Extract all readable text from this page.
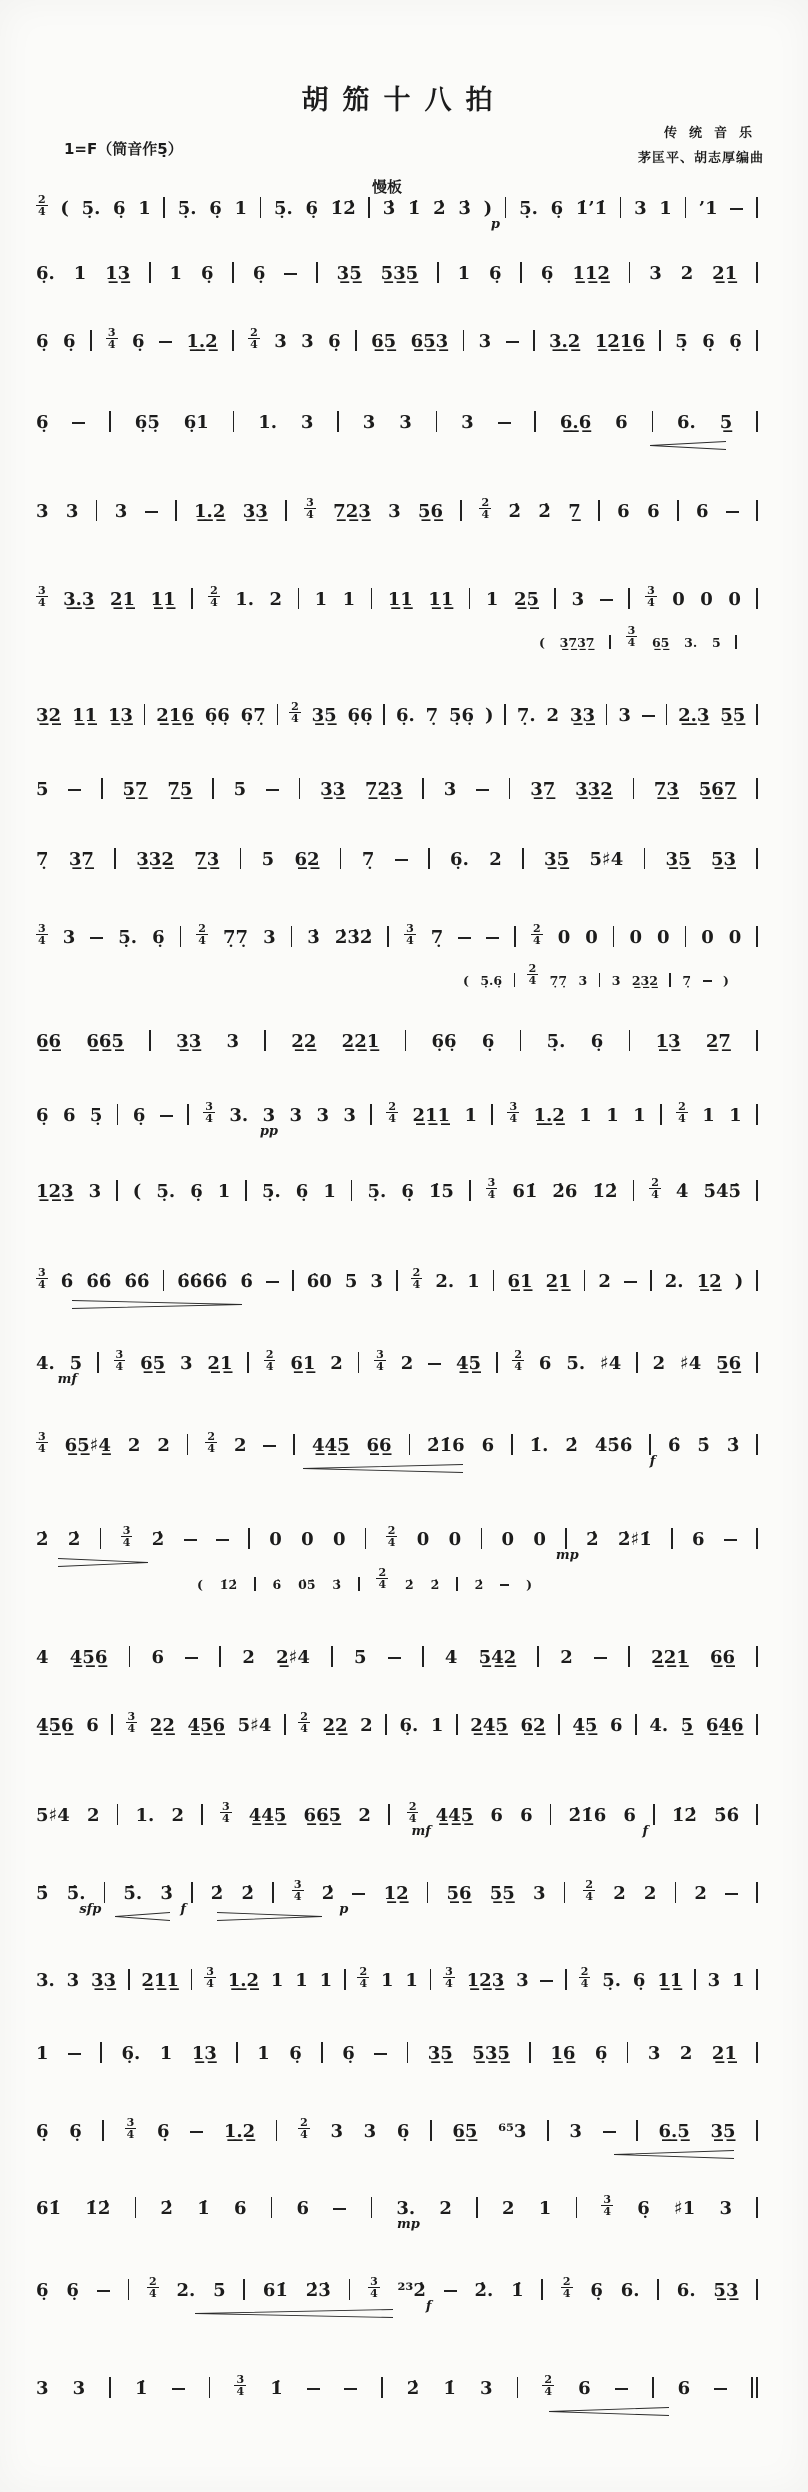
胡笳十八拍
1=F（筒音作5̣）
传统音乐
茅匡平、胡志厚编曲
慢板
$\frac{2}{4}$ ( 5̣. 6̣ 1 5̣. 6̣ 1 5̣. 6̣ 1̇2̇ 3̇ 1̇ 2̇ 3̇ ) 5̣. 6̣ 1̇’1̇ 3 1 ’1
p
6̣. 1 1̲3̲ 1 6̣ 6̣	3̲5̲ 5̲3̲5̲ 1 6̣ 6̣ 1̲1̲2̲ 3 2 2̲1̲
6̣ 6̣	$\frac{3}{4}$ 6̣ 1̲.̲2̲	$\frac{2}{4} 3$ 3 6̣ 6̲5̲ 6̲5̲3̲ 3	3̲.̲2̲ 1̲2̲1̲6̲ 5̣ 6̣ 6̣
6̣	6̣5̣ 6̣1	1. 3	3 3	3	6̲.̲6̲ 6	6. 5̲
3 3 3	1̲.̲2̲ 3̲3̲	$\frac{3}{4}$ 7̲2̲3̲ 3 5̲6̲	$\frac{2}{4}$ 2̇ 2̇ 7̲ 6 6 6
$\frac{3}{4}$ 3̲.̲3̲ 2̲1̲ 1̲1̲	$\frac{2}{4} 1$. 2 1 1 1̲1̲ 1̲1̲ 1 2̲5̲ 3	$\frac{3}{4} 0$ 0 0
( 3̲7̲3̲7̲	$\frac{3}{4}$ 6̲5̲ 3. 5
3̲2̲ 1̲1̲ 1̲3̲ 2̲1̲6̲ 6̣6̣ 6̣7̣ $\frac{2}{4}$ 3̲5̲ 6̣6̣ 6̣. 7̣ 5̣6̣ ) 7̣. 2 3̲3̲ 3	2̲.̲3̲ 5̲5̲
5	5̲7̲ 7̲5̲ 5	3̲3̲ 7̲2̲3̲ 3	3̲7̲ 3̲3̲2̲ 7̲3̲ 5̲6̲7̲
7̣ 3̲7̲ 3̲3̲2̲ 7̲3̲ 5 6̲2̲ 7̣	6̣. 2 3̲5̲ 5♯4 3̲5̲ 5̲3̲
$\frac{3}{4} 3$ 5̣. 6̣	$\frac{2}{4}$ 7̣7̣ 3 3̇ 2̇3̇2̇	$\frac{3}{4}$ 7̣	$\frac{2}{4} 0$ 0 0 0 0 0
( 5̣.6̣ $\frac{2}{4}$ 7̣7̣ 3 3 2̲3̲2̲ 7̣	)
6̲6̲ 6̲6̲5̲	3̲3̲ 3	2̲2̲ 2̲2̲1̲	6̣6̣ 6̣	5̣. 6̣	1̲3̲ 2̲7̲
6̣ 6 5̣ 6̣	$\frac{3}{4} 3$. 3 3 3 3	$\frac{2}{4}$ 2̲1̲1̲ 1	$\frac{3}{4}$ 1̲.̲2̲ 1 1 1	$\frac{2}{4} 1$ 1
pp
1̲2̲3̲ 3 ( 5̣. 6̣ 1 5̣. 6̣ 1 5̣. 6̣ 1̇5	$\frac{3}{4}$ 61̇ 2̇6 1̇2̇	$\frac{2}{4}$ 4̇ 5̇4̇5̇
$\frac{3}{4}$ 6̇ 6̇6̇ 6̇6̇ 6̇6̇6̇6̇ 6̇	6̇0 5 3	$\frac{2}{4} 2$. 1 6̲1̲ 2̲1̲ 2	2. 1̲2̲ )
4. 5	$\frac{3}{4}$ 6̲5̲ 3 2̲1̲	$\frac{2}{4}$ 6̲1̲ 2	$\frac{3}{4} 2$ 4̲5̲	$\frac{2}{4} 6$ 5. ♯4 2 ♯4 5̲6̲
mf
$\frac{3}{4}$ 6̲5̲♯4̲ 2 2	$\frac{2}{4} 2$	4̲4̲5̲ 6̲6̲ 2̇1̇6 6 1̇. 2̇ 4̇5̇6̇ 6̇ 5̇ 3̇
f
2̇ 2̇	$\frac{3}{4}$ 2̇	0 0 0	$\frac{2}{4} 0$ 0 0 0 2̇ 2̇♯1̇ 6
mp
( 1̇2̇	6̇ 0̇5̇ 3̇	$\frac{2}{4}$ 2̇ 2̇	2̇	)
4 4̲5̲6̲ 6	2 2̲♯4 5	4 5̲4̲2̲ 2	2̲2̲1̲ 6̲6̲
4̲5̲6̲ $6 \frac{3}{4}$ 2̲2̲ 4̲5̲6̲ 5♯4 $\frac{2}{4}$ 2̲2̲ 2 6̣. 1 2̲4̲5̲ 6̲2̲ 4̲5̲ 6 4. 5̲ 6̲4̲6̲
5♯4 2 1. 2	$\frac{3}{4}$ 4̲4̲5̲ 6̲6̲5̲ 2	$\frac{2}{4}$ 4̲4̲5̲ 6 6 2̇1̇6 6 1̇2̇ 5̇6̇
mf	f
5̇ 5̇. 5̇. 3̇ 2̇ 2̇	$\frac{3}{4}$ 2̇	1̲2̲ 5̲6̲ 5̲5̲ 3	$\frac{2}{4} 2$ 2 2
sfp	f	p
3. 3 3̲3̲ 2̲1̲1̲ $\frac{3}{4}$ 1̲.̲2̲ 1 1 $1 \frac{2}{4} 1$ $1 \frac{3}{4}$ 1̲2̲3̲ 3	$\frac{2}{4}$ 5̣. 6̣ 1̲1̲ 3 1
1	6̣. 1 1̲3̲ 1 6̣ 6̣	3̲5̲ 5̲3̲5̲ 1̲6̲ 6̣ 3 2 2̲1̲
6̣ 6̣	$\frac{3}{4}$ 6̣	1̲.̲2̲	$\frac{2}{4} 3$ 3 6̣ 6̲5̲ ⁶⁵3 3	6̲.̲5̲ 3̲5̲
61̇ 1̇2̇	2̇ 1̇ 6	6	3. 2	2 1	$\frac{3}{4}$ 6̣ ♯1 3
mp
6̣ 6̣	$\frac{2}{4} 2$. 5 61̇ 2̇3̇	$\frac{3}{4}$ ²³2̇	2̇. 1̇	$\frac{2}{4}$ 6̣ 6. 6. 5̲3̲
f
3 3	1̇	$\frac{3}{4}$ 1̇	2̇ 1̇ 3	$\frac{2}{4} 6$	6
